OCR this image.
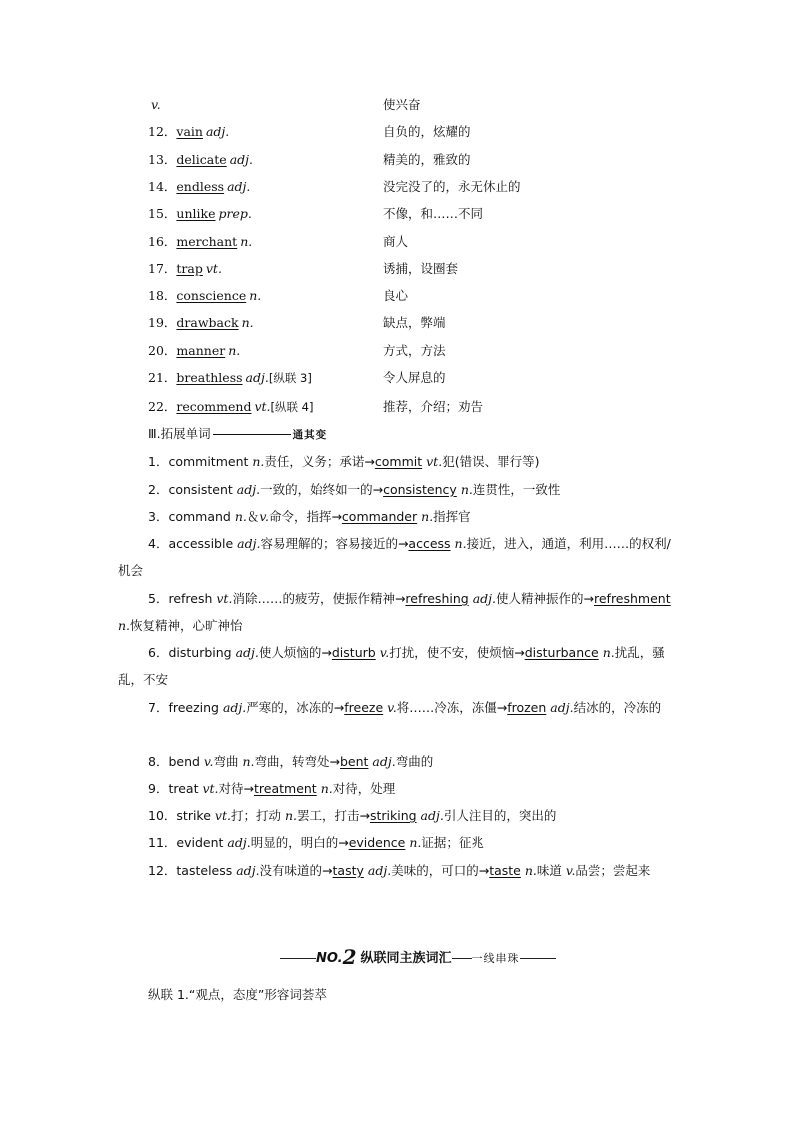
v.	使兴奋
12．vain adj.	自负的，炫耀的
13．delicate adj.	精美的，雅致的
14．endless adj.	没完没了的，永无休止的
15．unlike prep.	不像，和……不同
16．merchant n.	商人
17．trap vt.	诱捕，设圈套
18．conscience n.	良心
19．drawback n.	缺点，弊端
20．manner n.	方式，方法
21．breathless adj.[纵联 3]	令人屏息的
22．recommend vt.[纵联 4]	推荐，介绍；劝告
Ⅲ.拓展单词	通其变
1．commitment n.责任，义务；承诺→commit vt.犯(错误、罪行等)
2．consistent adj.一致的，始终如一的→consistency n.连贯性，一致性
3．command n.＆v.命令，指挥→commander n.指挥官
4．accessible adj.容易理解的；容易接近的→access n.接近，进入，通道，利用……的权利/机会
5．refresh vt.消除……的疲劳，使振作精神→refreshing adj.使人精神振作的→refreshment n.恢复精神，心旷神怡
6．disturbing adj.使人烦恼的→disturb v.打扰，使不安，使烦恼→disturbance n.扰乱，骚乱，不安
7．freezing adj.严寒的，冰冻的→freeze v.将……冷冻，冻僵→frozen adj.结冰的，冷冻的
8．bend v.弯曲 n.弯曲，转弯处→bent adj.弯曲的
9．treat vt.对待→treatment n.对待，处理
10．strike vt.打；打动 n.罢工，打击→striking adj.引人注目的，突出的
11．evident adj.明显的，明白的→evidence n.证据；征兆
12．tasteless adj.没有味道的→tasty adj.美味的，可口的→taste n.味道 v.品尝；尝起来
NO.2 纵联同主族词汇 一线串珠
纵联 1.“观点，态度”形容词荟萃
